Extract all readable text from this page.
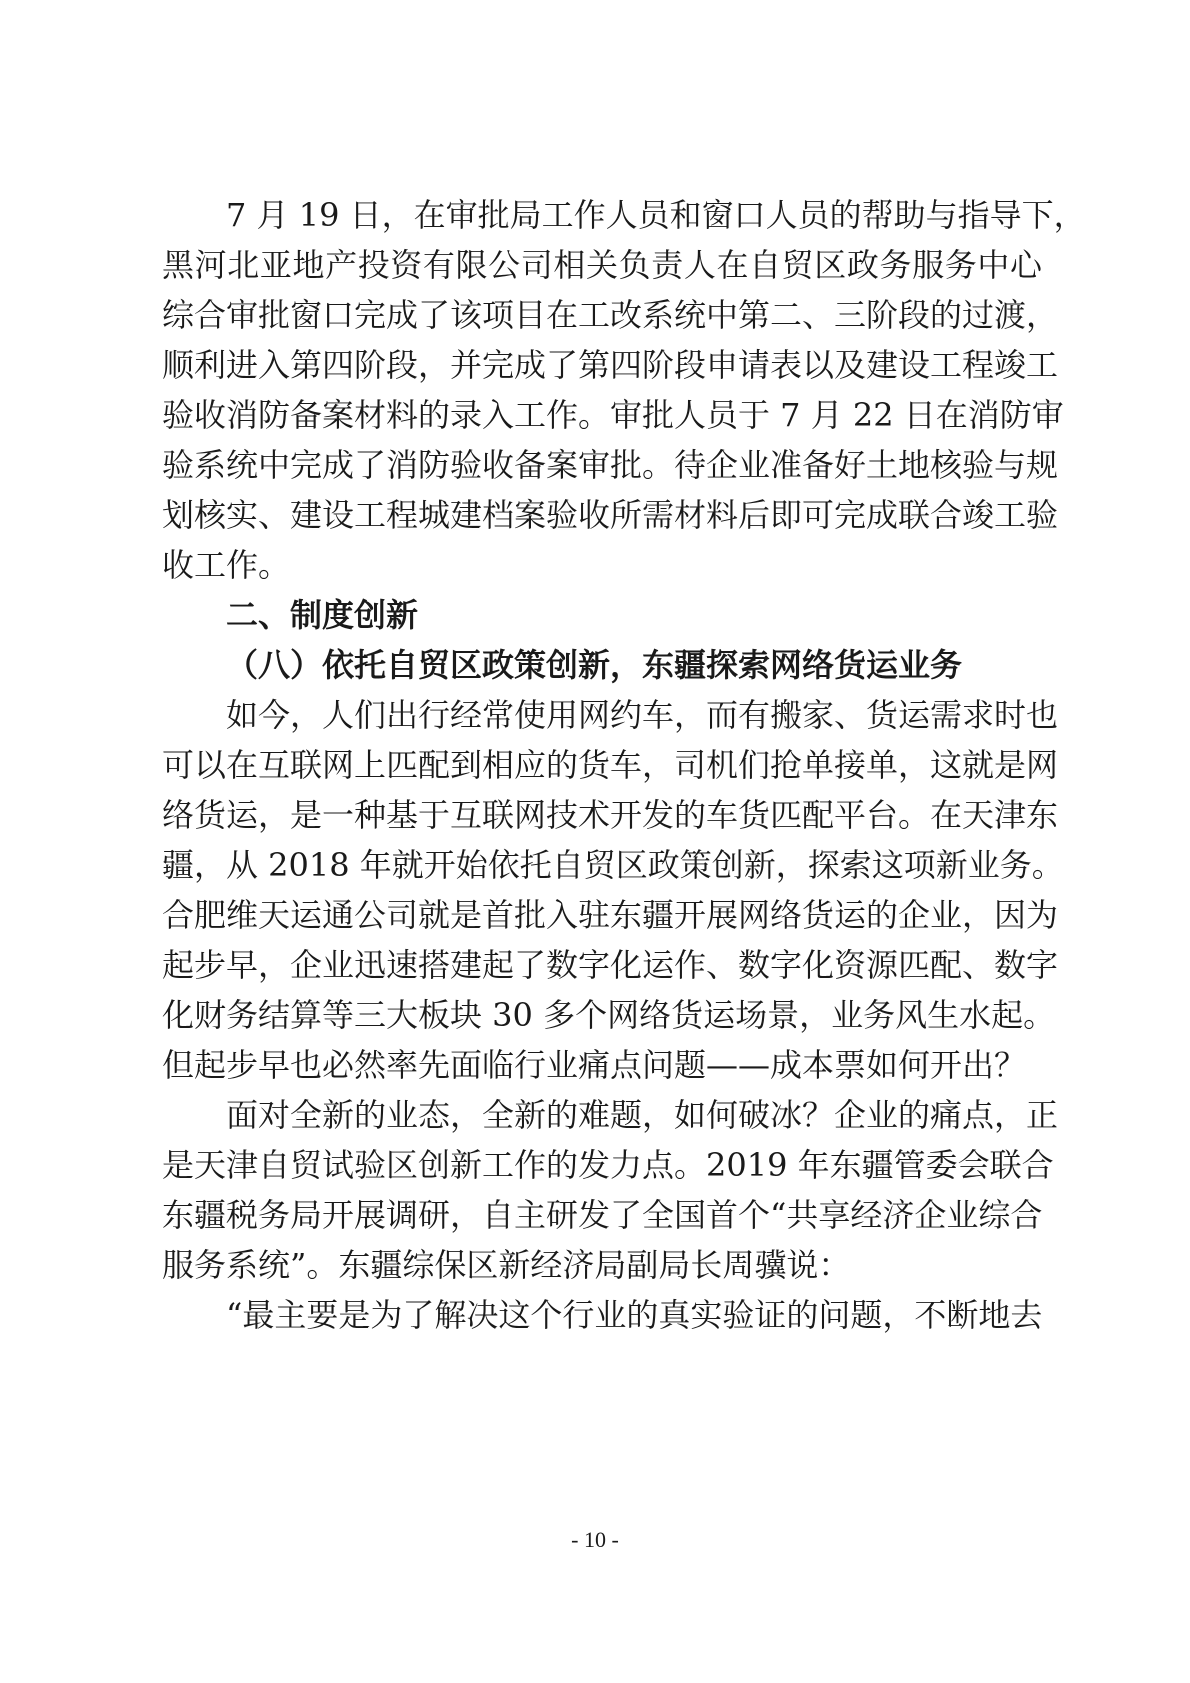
7 月 19 日，在审批局工作人员和窗口人员的帮助与指导下，
黑河北亚地产投资有限公司相关负责人在自贸区政务服务中心
综合审批窗口完成了该项目在工改系统中第二、三阶段的过渡，
顺利进入第四阶段，并完成了第四阶段申请表以及建设工程竣工
验收消防备案材料的录入工作。审批人员于 7 月 22 日在消防审
验系统中完成了消防验收备案审批。待企业准备好土地核验与规
划核实、建设工程城建档案验收所需材料后即可完成联合竣工验
收工作。
二、制度创新
（八）依托自贸区政策创新，东疆探索网络货运业务
如今，人们出行经常使用网约车，而有搬家、货运需求时也
可以在互联网上匹配到相应的货车，司机们抢单接单，这就是网
络货运，是一种基于互联网技术开发的车货匹配平台。在天津东
疆，从 2018 年就开始依托自贸区政策创新，探索这项新业务。
合肥维天运通公司就是首批入驻东疆开展网络货运的企业，因为
起步早，企业迅速搭建起了数字化运作、数字化资源匹配、数字
化财务结算等三大板块 30 多个网络货运场景，业务风生水起。
但起步早也必然率先面临行业痛点问题——成本票如何开出？
面对全新的业态，全新的难题，如何破冰？企业的痛点，正
是天津自贸试验区创新工作的发力点。2019 年东疆管委会联合
东疆税务局开展调研，自主研发了全国首个“共享经济企业综合
服务系统”。东疆综保区新经济局副局长周骥说：
“最主要是为了解决这个行业的真实验证的问题，不断地去
- 10 -
